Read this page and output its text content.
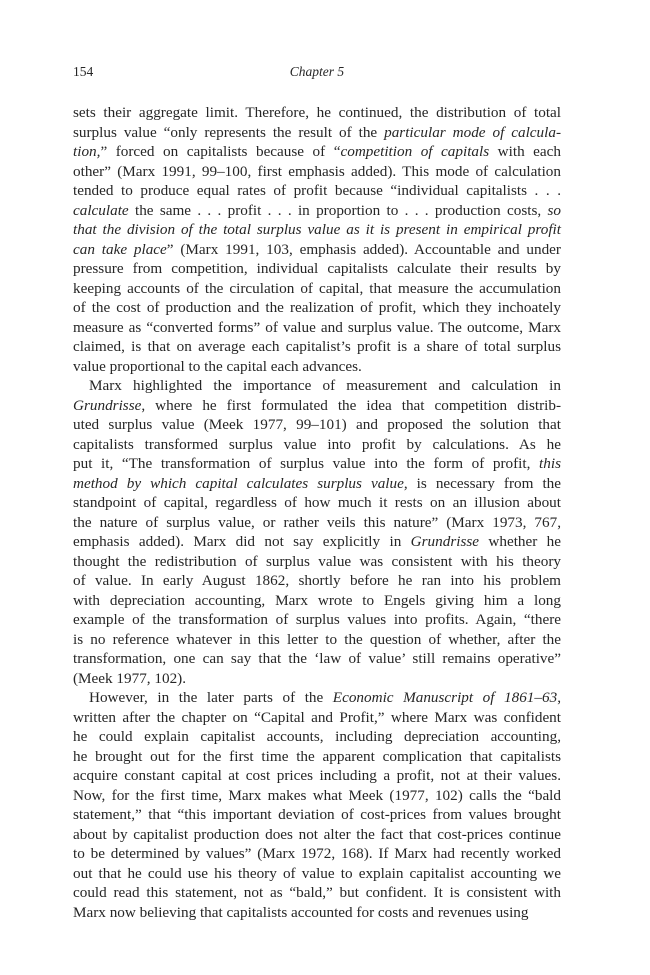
154	Chapter 5
sets their aggregate limit. Therefore, he continued, the distribution of total
surplus value “only represents the result of the particular mode of calcula-
tion,” forced on capitalists because of “competition of capitals with each
other” (Marx 1991, 99–100, first emphasis added). This mode of calculation
tended to produce equal rates of profit because “individual capitalists . . .
calculate the same . . . profit . . . in proportion to . . . production costs, so
that the division of the total surplus value as it is present in empirical profit
can take place” (Marx 1991, 103, emphasis added). Accountable and under
pressure from competition, individual capitalists calculate their results by
keeping accounts of the circulation of capital, that measure the accumulation
of the cost of production and the realization of profit, which they inchoately
measure as “converted forms” of value and surplus value. The outcome, Marx
claimed, is that on average each capitalist’s profit is a share of total surplus
value proportional to the capital each advances.
Marx highlighted the importance of measurement and calculation in
Grundrisse, where he first formulated the idea that competition distrib-
uted surplus value (Meek 1977, 99–101) and proposed the solution that
capitalists transformed surplus value into profit by calculations. As he
put it, “The transformation of surplus value into the form of profit, this
method by which capital calculates surplus value, is necessary from the
standpoint of capital, regardless of how much it rests on an illusion about
the nature of surplus value, or rather veils this nature” (Marx 1973, 767,
emphasis added). Marx did not say explicitly in Grundrisse whether he
thought the redistribution of surplus value was consistent with his theory
of value. In early August 1862, shortly before he ran into his problem
with depreciation accounting, Marx wrote to Engels giving him a long
example of the transformation of surplus values into profits. Again, “there
is no reference whatever in this letter to the question of whether, after the
transformation, one can say that the ‘law of value’ still remains operative”
(Meek 1977, 102).
However, in the later parts of the Economic Manuscript of 1861–63,
written after the chapter on “Capital and Profit,” where Marx was confident
he could explain capitalist accounts, including depreciation accounting,
he brought out for the first time the apparent complication that capitalists
acquire constant capital at cost prices including a profit, not at their values.
Now, for the first time, Marx makes what Meek (1977, 102) calls the “bald
statement,” that “this important deviation of cost-prices from values brought
about by capitalist production does not alter the fact that cost-prices continue
to be determined by values” (Marx 1972, 168). If Marx had recently worked
out that he could use his theory of value to explain capitalist accounting we
could read this statement, not as “bald,” but confident. It is consistent with
Marx now believing that capitalists accounted for costs and revenues using
